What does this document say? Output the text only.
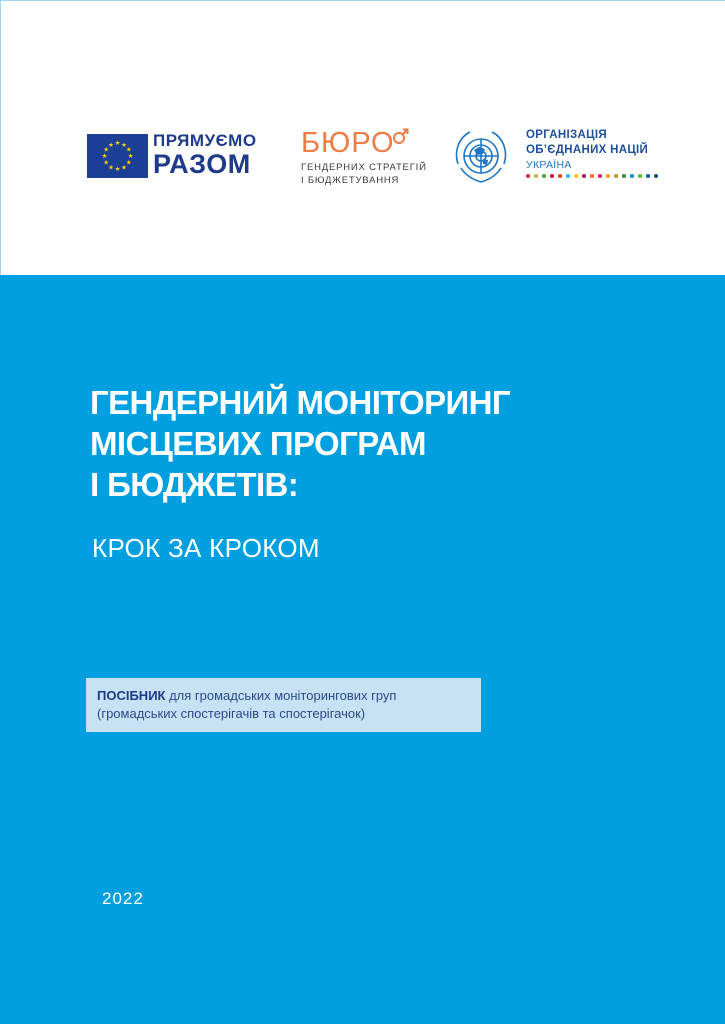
★ ★
★
★
★
★
★
★
★
★
★
★ ПРЯМУЄМО
РАЗОМ
БЮРО
ГЕНДЕРНИХ СТРАТЕГІЙ
І БЮДЖЕТУВАННЯ
ОРГАНІЗАЦІЯ
ОБ’ЄДНАНИХ НАЦІЙ
УКРАЇНА
ГЕНДЕРНИЙ МОНІТОРИНГ
МІСЦЕВИХ ПРОГРАМ
І БЮДЖЕТІВ:
КРОК ЗА КРОКОМ
ПОСІБНИК для громадських моніторингових груп
(громадських спостерігачів та спостерігачок)
2022
